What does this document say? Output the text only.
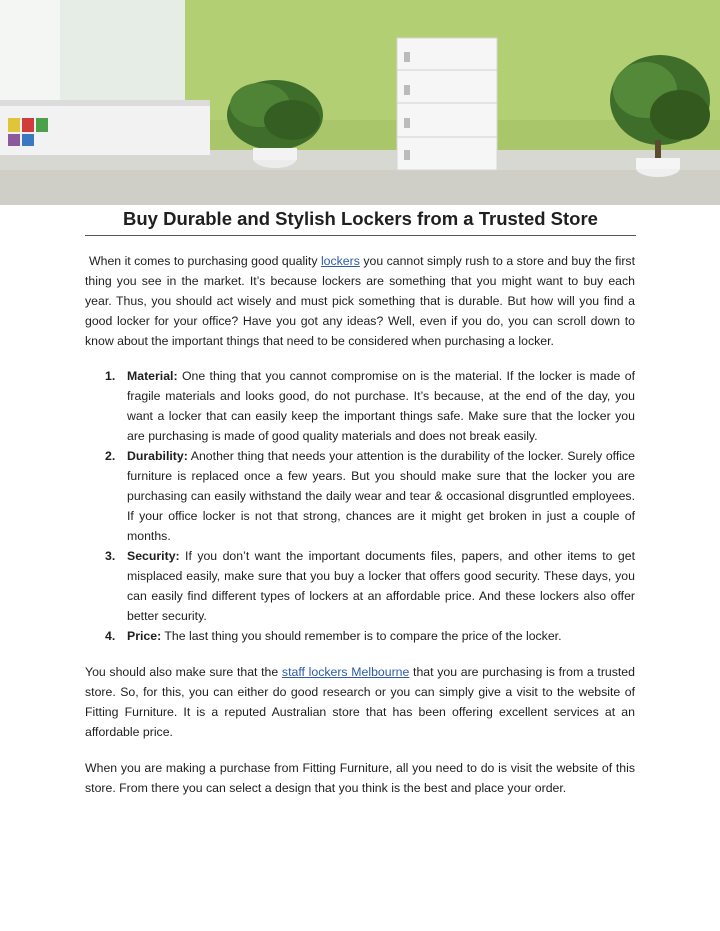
Buy Durable and Stylish Lockers from a Trusted Store

When it comes to purchasing good quality lockers you cannot simply rush to a store and buy the first thing you see in the market. It’s because lockers are something that you might want to buy each year. Thus, you should act wisely and must pick something that is durable. But how will you find a good locker for your office? Have you got any ideas? Well, even if you do, you can scroll down to know about the important things that need to be considered when purchasing a locker.

1. Material: One thing that you cannot compromise on is the material. If the locker is made of fragile materials and looks good, do not purchase. It’s because, at the end of the day, you want a locker that can easily keep the important things safe. Make sure that the locker you are purchasing is made of good quality materials and does not break easily.
2. Durability: Another thing that needs your attention is the durability of the locker. Surely office furniture is replaced once a few years. But you should make sure that the locker you are purchasing can easily withstand the daily wear and tear & occasional disgruntled employees. If your office locker is not that strong, chances are it might get broken in just a couple of months.
3. Security: If you don’t want the important documents files, papers, and other items to get misplaced easily, make sure that you buy a locker that offers good security. These days, you can easily find different types of lockers at an affordable price. And these lockers also offer better security.
4. Price: The last thing you should remember is to compare the price of the locker.

You should also make sure that the staff lockers Melbourne that you are purchasing is from a trusted store. So, for this, you can either do good research or you can simply give a visit to the website of Fitting Furniture. It is a reputed Australian store that has been offering excellent services at an affordable price.

When you are making a purchase from Fitting Furniture, all you need to do is visit the website of this store. From there you can select a design that you think is the best and place your order.
